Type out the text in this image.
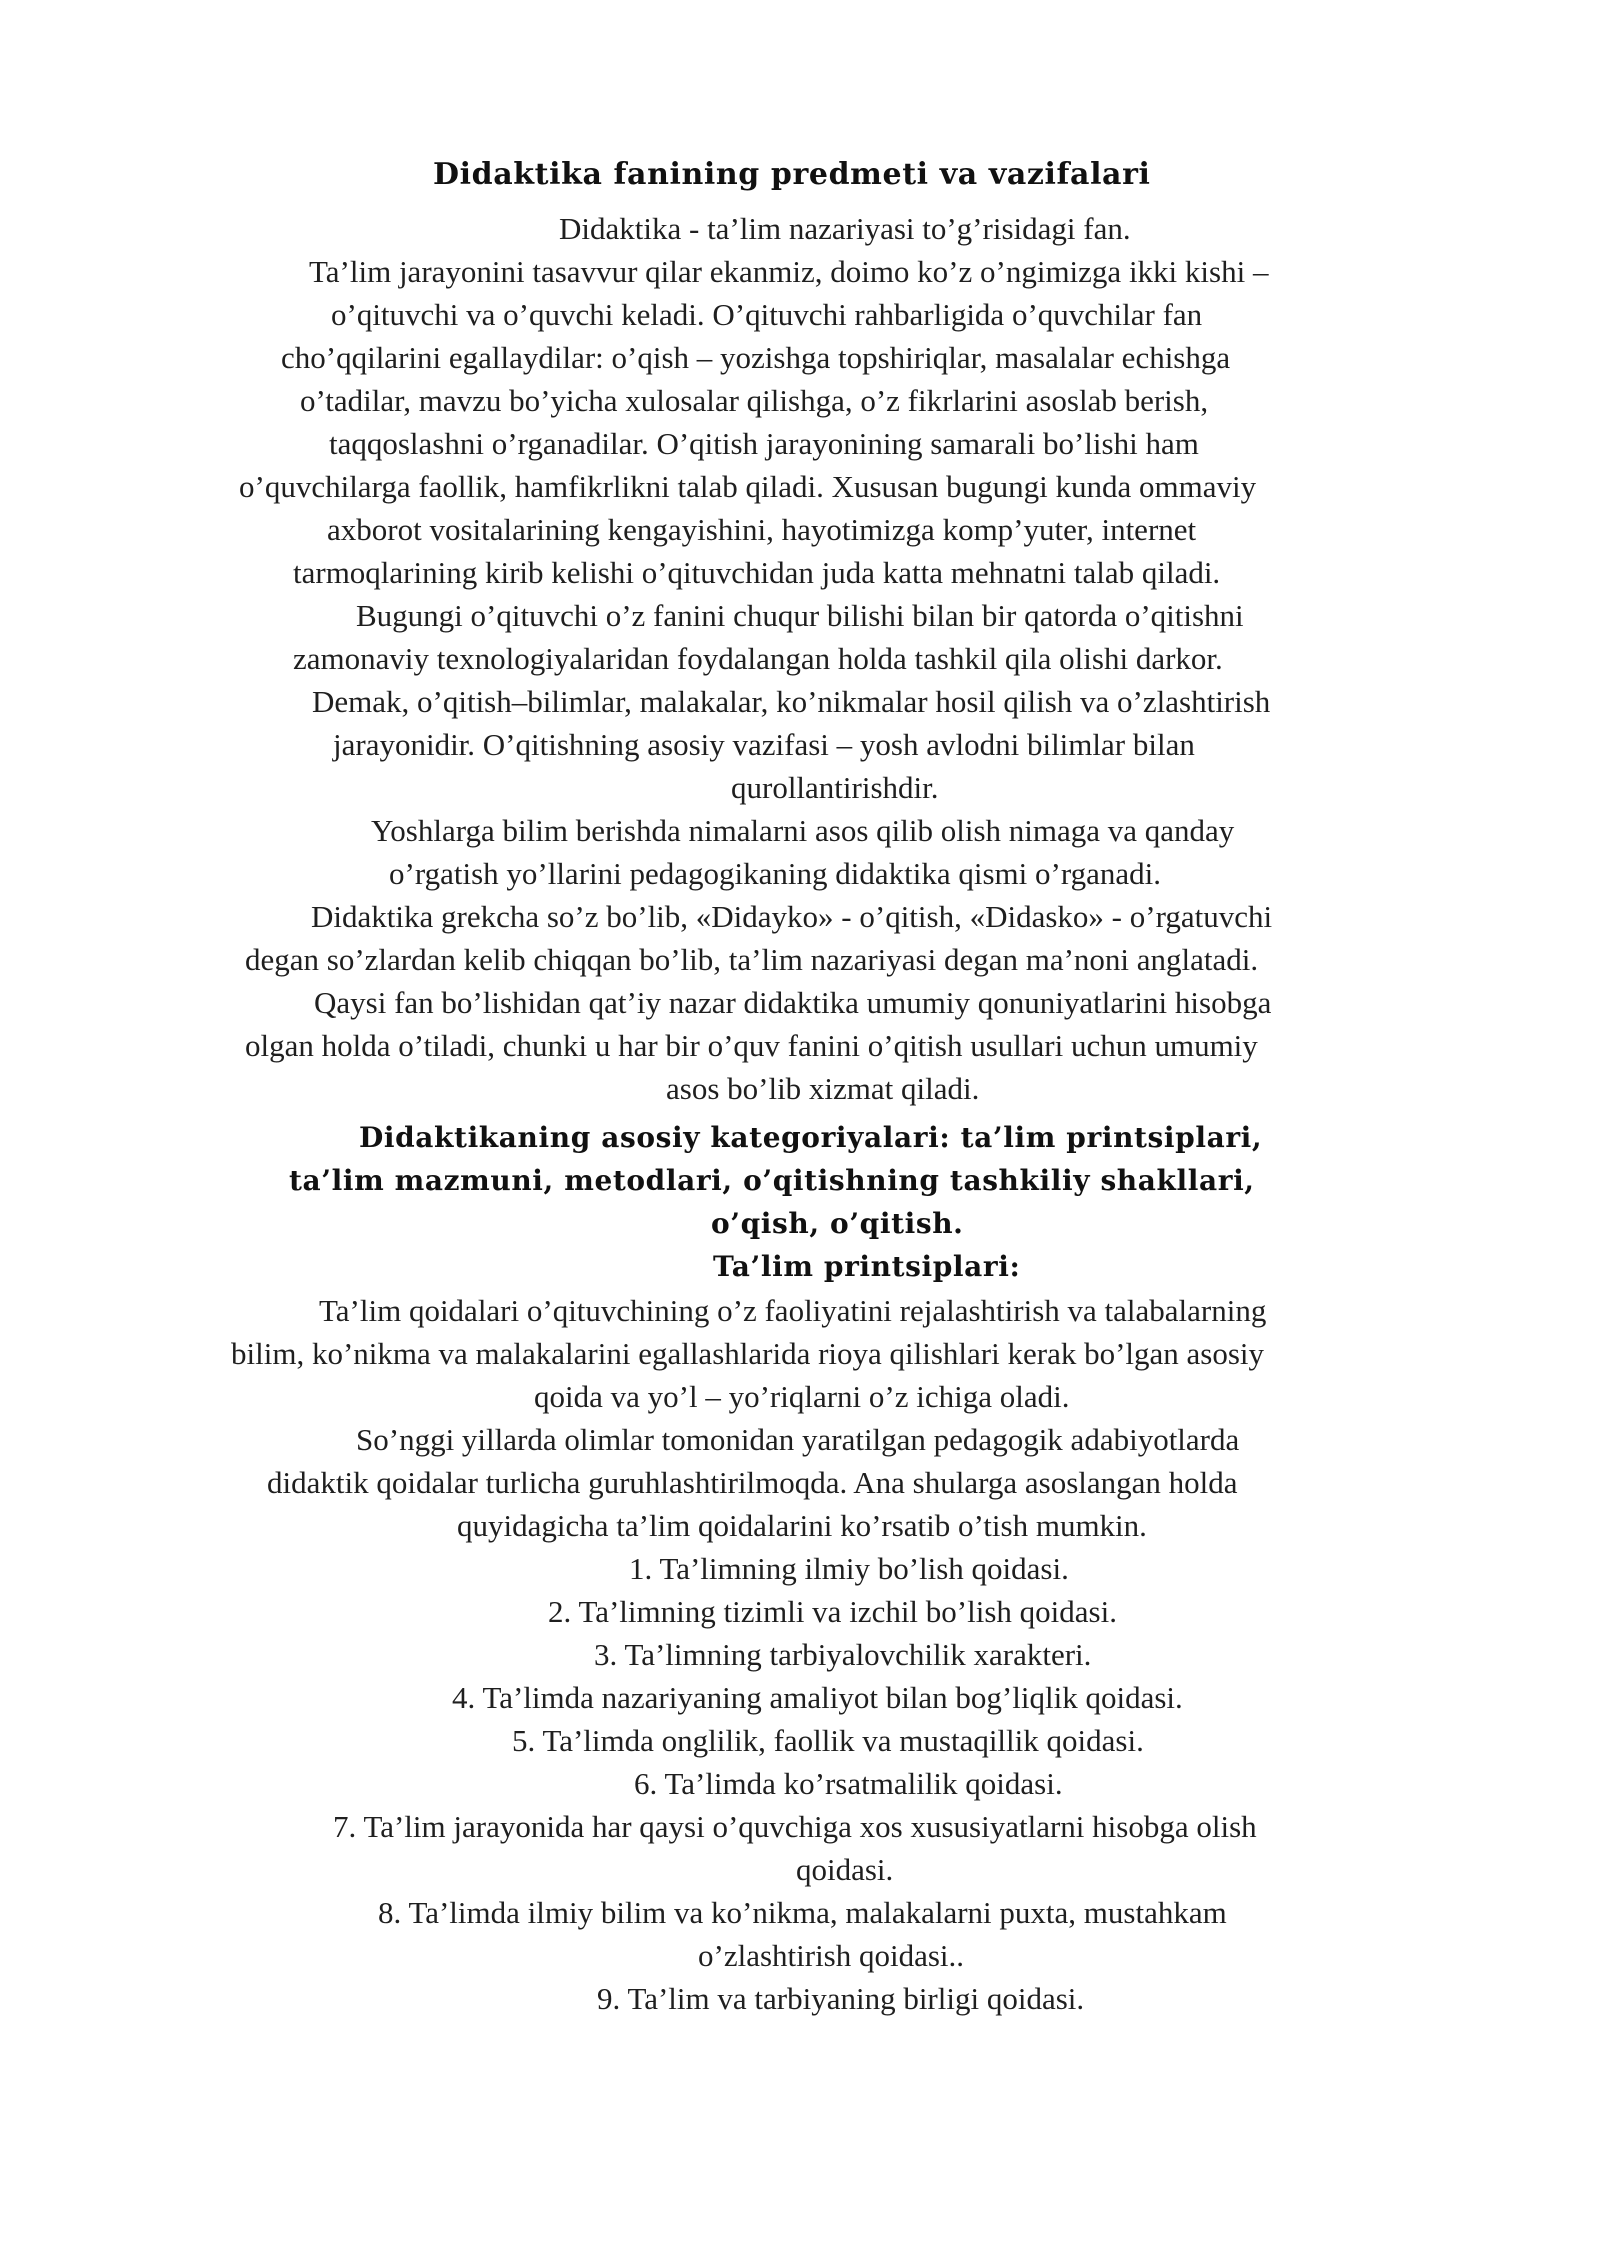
Didaktika fanining predmeti va vazifalari
Didaktika - ta’lim nazariyasi to’g’risidagi fan.
Ta’lim jarayonini tasavvur qilar ekanmiz, doimo ko’z o’ngimizga ikki kishi –
o’qituvchi va o’quvchi keladi. O’qituvchi rahbarligida o’quvchilar fan
cho’qqilarini egallaydilar: o’qish – yozishga topshiriqlar, masalalar echishga
o’tadilar, mavzu bo’yicha xulosalar qilishga, o’z fikrlarini asoslab berish,
taqqoslashni o’rganadilar. O’qitish jarayonining samarali bo’lishi ham
o’quvchilarga faollik, hamfikrlikni talab qiladi. Xususan bugungi kunda ommaviy
axborot vositalarining kengayishini, hayotimizga komp’yuter, internet
tarmoqlarining kirib kelishi o’qituvchidan juda katta mehnatni talab qiladi.
Bugungi o’qituvchi o’z fanini chuqur bilishi bilan bir qatorda o’qitishni
zamonaviy texnologiyalaridan foydalangan holda tashkil qila olishi darkor.
Demak, o’qitish–bilimlar, malakalar, ko’nikmalar hosil qilish va o’zlashtirish
jarayonidir. O’qitishning asosiy vazifasi – yosh avlodni bilimlar bilan
qurollantirishdir.
Yoshlarga bilim berishda nimalarni asos qilib olish nimaga va qanday
o’rgatish yo’llarini pedagogikaning didaktika qismi o’rganadi.
Didaktika grekcha so’z bo’lib, «Didayko» - o’qitish, «Didasko» - o’rgatuvchi
degan so’zlardan kelib chiqqan bo’lib, ta’lim nazariyasi degan ma’noni anglatadi.
Qaysi fan bo’lishidan qat’iy nazar didaktika umumiy qonuniyatlarini hisobga
olgan holda o’tiladi, chunki u har bir o’quv fanini o’qitish usullari uchun umumiy
asos bo’lib xizmat qiladi.
Didaktikaning asosiy kategoriyalari: ta’lim printsiplari,
ta’lim mazmuni, metodlari, o’qitishning tashkiliy shakllari,
o’qish, o’qitish.
Ta’lim printsiplari:
Ta’lim qoidalari o’qituvchining o’z faoliyatini rejalashtirish va talabalarning
bilim, ko’nikma va malakalarini egallashlarida rioya qilishlari kerak bo’lgan asosiy
qoida va yo’l – yo’riqlarni o’z ichiga oladi.
So’nggi yillarda olimlar tomonidan yaratilgan pedagogik adabiyotlarda
didaktik qoidalar turlicha guruhlashtirilmoqda. Ana shularga asoslangan holda
quyidagicha ta’lim qoidalarini ko’rsatib o’tish mumkin.
1. Ta’limning ilmiy bo’lish qoidasi.
2. Ta’limning tizimli va izchil bo’lish qoidasi.
3. Ta’limning tarbiyalovchilik xarakteri.
4. Ta’limda nazariyaning amaliyot bilan bog’liqlik qoidasi.
5. Ta’limda onglilik, faollik va mustaqillik qoidasi.
6. Ta’limda ko’rsatmalilik qoidasi.
7. Ta’lim jarayonida har qaysi o’quvchiga xos xususiyatlarni hisobga olish
qoidasi.
8. Ta’limda ilmiy bilim va ko’nikma, malakalarni puxta, mustahkam
o’zlashtirish qoidasi..
9. Ta’lim va tarbiyaning birligi qoidasi.
